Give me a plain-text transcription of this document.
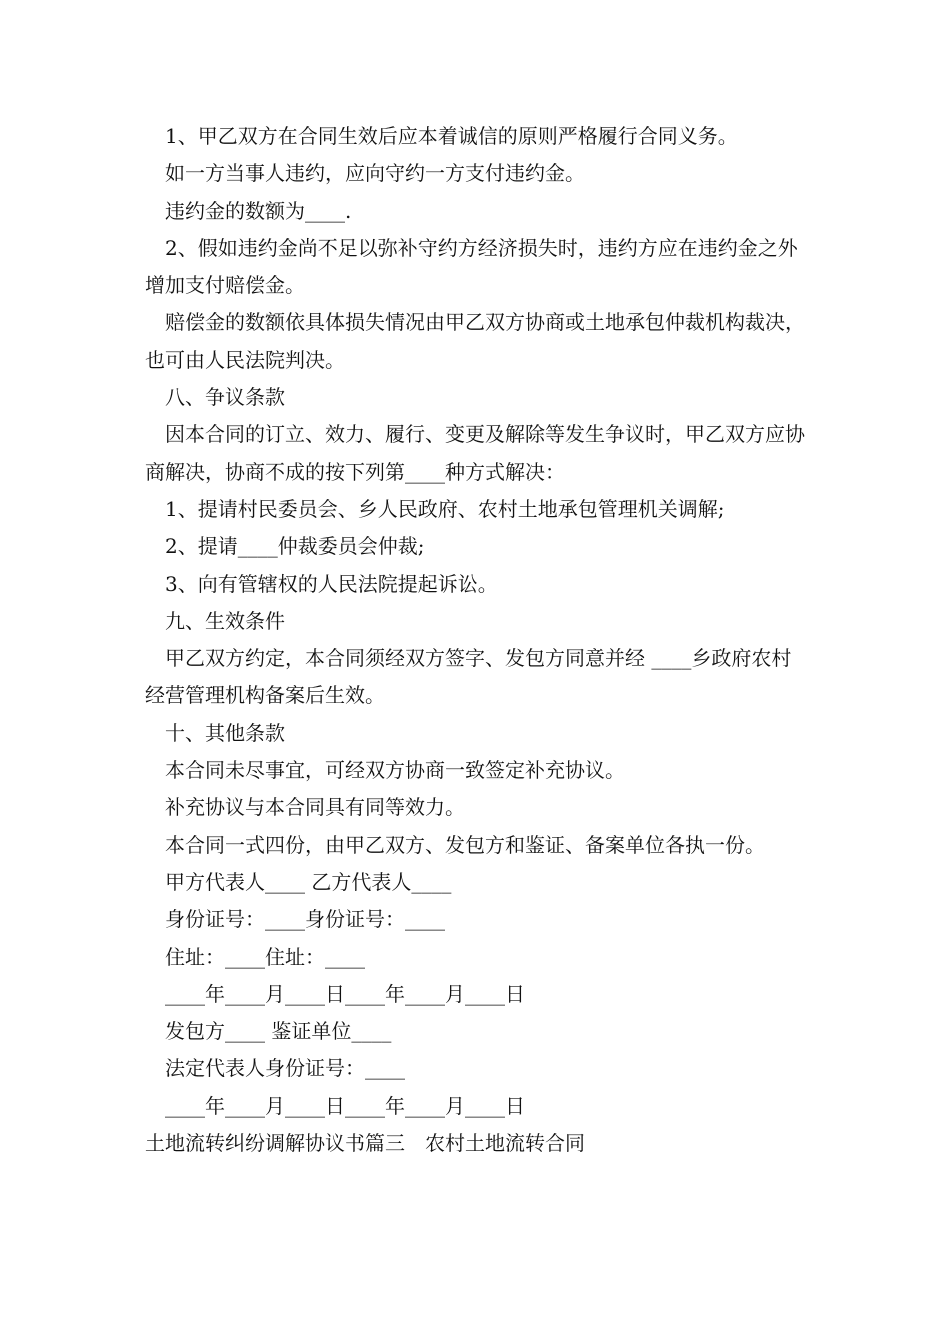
1、甲乙双方在合同生效后应本着诚信的原则严格履行合同义务。

如一方当事人违约，应向守约一方支付违约金。

违约金的数额为____.

2、假如违约金尚不足以弥补守约方经济损失时，违约方应在违约金之外增加支付赔偿金。

赔偿金的数额依具体损失情况由甲乙双方协商或土地承包仲裁机构裁决，也可由人民法院判决。

八、争议条款

因本合同的订立、效力、履行、变更及解除等发生争议时，甲乙双方应协商解决，协商不成的按下列第____种方式解决：

1、提请村民委员会、乡人民政府、农村土地承包管理机关调解;

2、提请____仲裁委员会仲裁;

3、向有管辖权的人民法院提起诉讼。

九、生效条件

甲乙双方约定，本合同须经双方签字、发包方同意并经 ____乡政府农村经营管理机构备案后生效。

十、其他条款

本合同未尽事宜，可经双方协商一致签定补充协议。

补充协议与本合同具有同等效力。

本合同一式四份，由甲乙双方、发包方和鉴证、备案单位各执一份。

甲方代表人____ 乙方代表人____

身份证号：____身份证号：____

住址：____住址：____

____年____月____日____年____月____日

发包方____ 鉴证单位____

法定代表人身份证号：____

____年____月____日____年____月____日

土地流转纠纷调解协议书篇三　农村土地流转合同
